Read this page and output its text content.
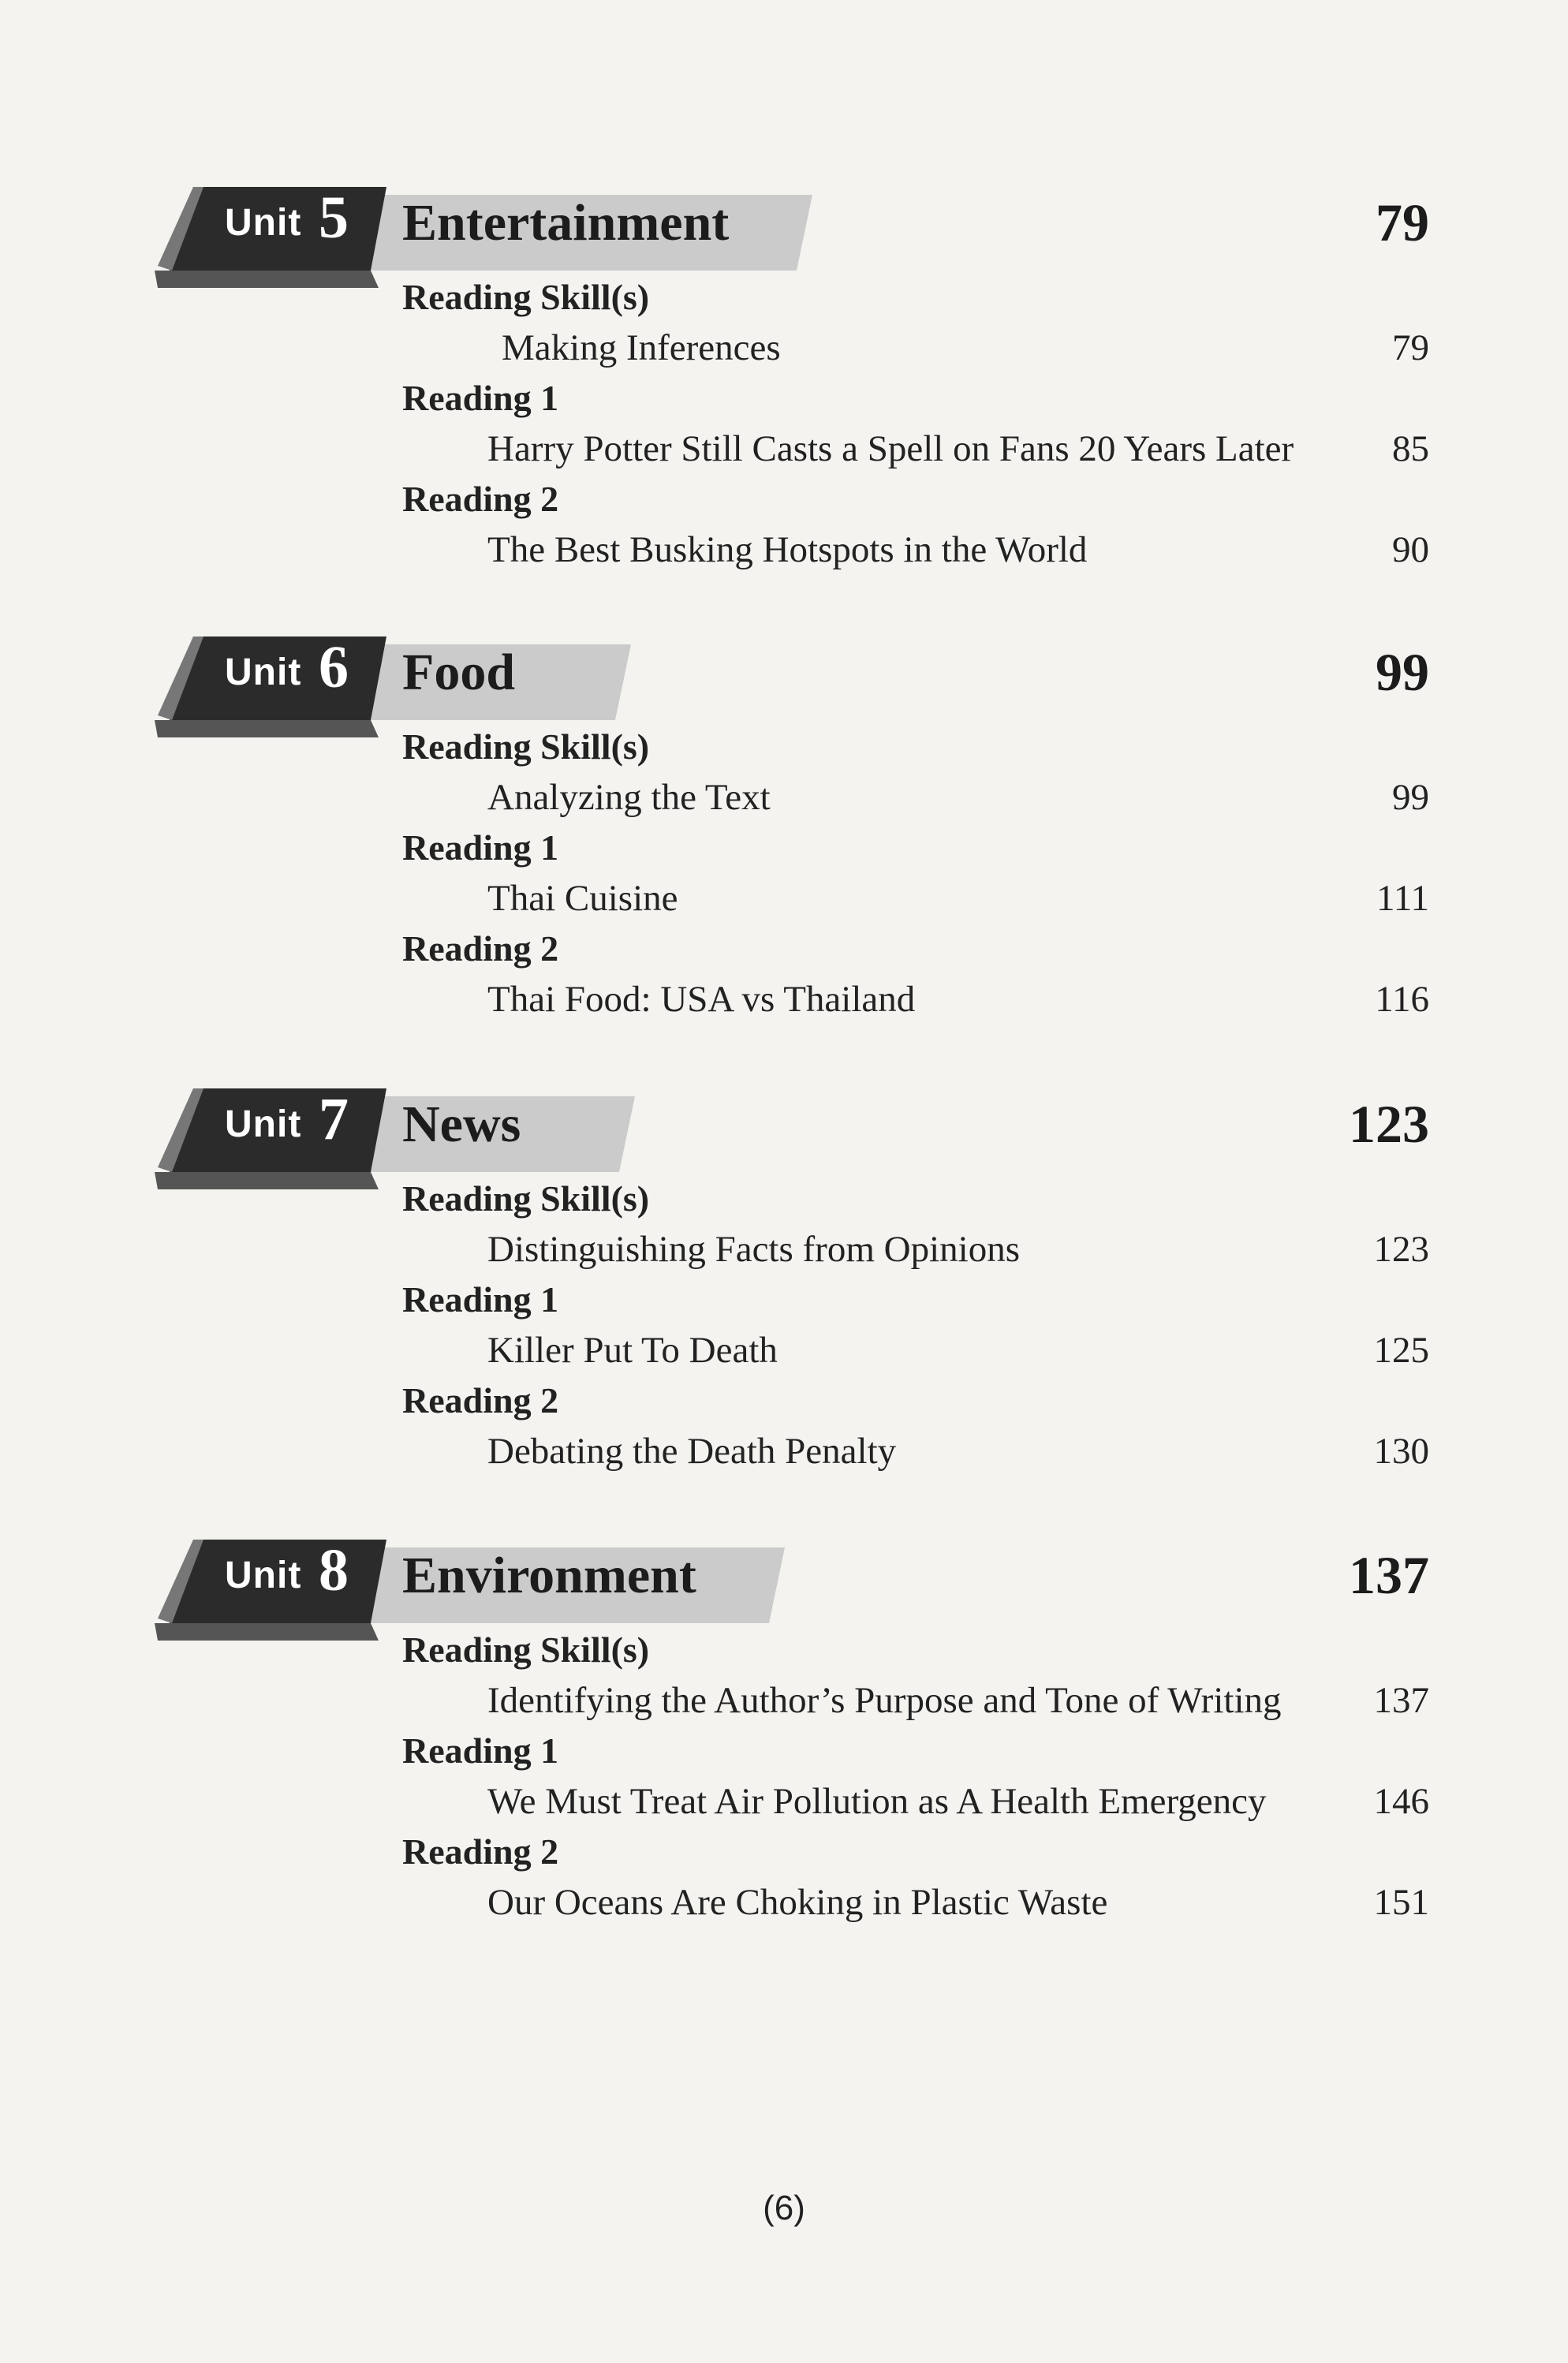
Unit 5 Entertainment	79
Reading Skill(s)
Making Inferences	79
Reading 1
Harry Potter Still Casts a Spell on Fans 20 Years Later	85
Reading 2
The Best Busking Hotspots in the World	90
Unit 6 Food	99
Reading Skill(s)
Analyzing the Text	99
Reading 1
Thai Cuisine	111
Reading 2
Thai Food: USA vs Thailand	116
Unit 7 News	123
Reading Skill(s)
Distinguishing Facts from Opinions	123
Reading 1
Killer Put To Death	125
Reading 2
Debating the Death Penalty	130
Unit 8 Environment	137
Reading Skill(s)
Identifying the Author’s Purpose and Tone of Writing 137
Reading 1
We Must Treat Air Pollution as A Health Emergency	146
Reading 2
Our Oceans Are Choking in Plastic Waste	151
(6)
